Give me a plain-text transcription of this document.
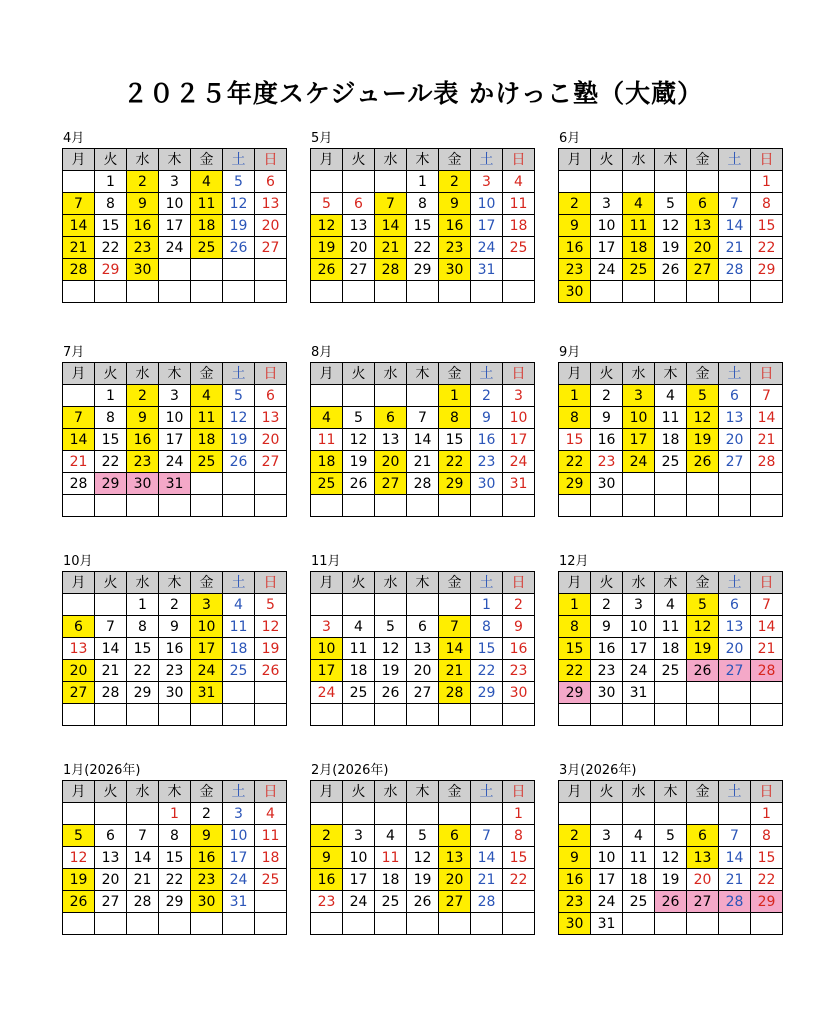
２０２５年度スケジュール表 かけっこ塾（大蔵）
4月
月	火	水	木	金	土	日
	1	2	3	4	5	6
7	8	9	10	11	12	13
14	15	16	17	18	19	20
21	22	23	24	25	26	27
28	29	30				

5月
月	火	水	木	金	土	日
			1	2	3	4
5	6	7	8	9	10	11
12	13	14	15	16	17	18
19	20	21	22	23	24	25
26	27	28	29	30	31	

6月
月	火	水	木	金	土	日
						1
2	3	4	5	6	7	8
9	10	11	12	13	14	15
16	17	18	19	20	21	22
23	24	25	26	27	28	29
30						
7月
月	火	水	木	金	土	日
	1	2	3	4	5	6
7	8	9	10	11	12	13
14	15	16	17	18	19	20
21	22	23	24	25	26	27
28	29	30	31			

8月
月	火	水	木	金	土	日
				1	2	3
4	5	6	7	8	9	10
11	12	13	14	15	16	17
18	19	20	21	22	23	24
25	26	27	28	29	30	31

9月
月	火	水	木	金	土	日
1	2	3	4	5	6	7
8	9	10	11	12	13	14
15	16	17	18	19	20	21
22	23	24	25	26	27	28
29	30					

10月
月	火	水	木	金	土	日
		1	2	3	4	5
6	7	8	9	10	11	12
13	14	15	16	17	18	19
20	21	22	23	24	25	26
27	28	29	30	31		

11月
月	火	水	木	金	土	日
					1	2
3	4	5	6	7	8	9
10	11	12	13	14	15	16
17	18	19	20	21	22	23
24	25	26	27	28	29	30

12月
月	火	水	木	金	土	日
1	2	3	4	5	6	7
8	9	10	11	12	13	14
15	16	17	18	19	20	21
22	23	24	25	26	27	28
29	30	31				

1月(2026年)
月	火	水	木	金	土	日
			1	2	3	4
5	6	7	8	9	10	11
12	13	14	15	16	17	18
19	20	21	22	23	24	25
26	27	28	29	30	31	

2月(2026年)
月	火	水	木	金	土	日
						1
2	3	4	5	6	7	8
9	10	11	12	13	14	15
16	17	18	19	20	21	22
23	24	25	26	27	28	

3月(2026年)
月	火	水	木	金	土	日
						1
2	3	4	5	6	7	8
9	10	11	12	13	14	15
16	17	18	19	20	21	22
23	24	25	26	27	28	29
30	31					
